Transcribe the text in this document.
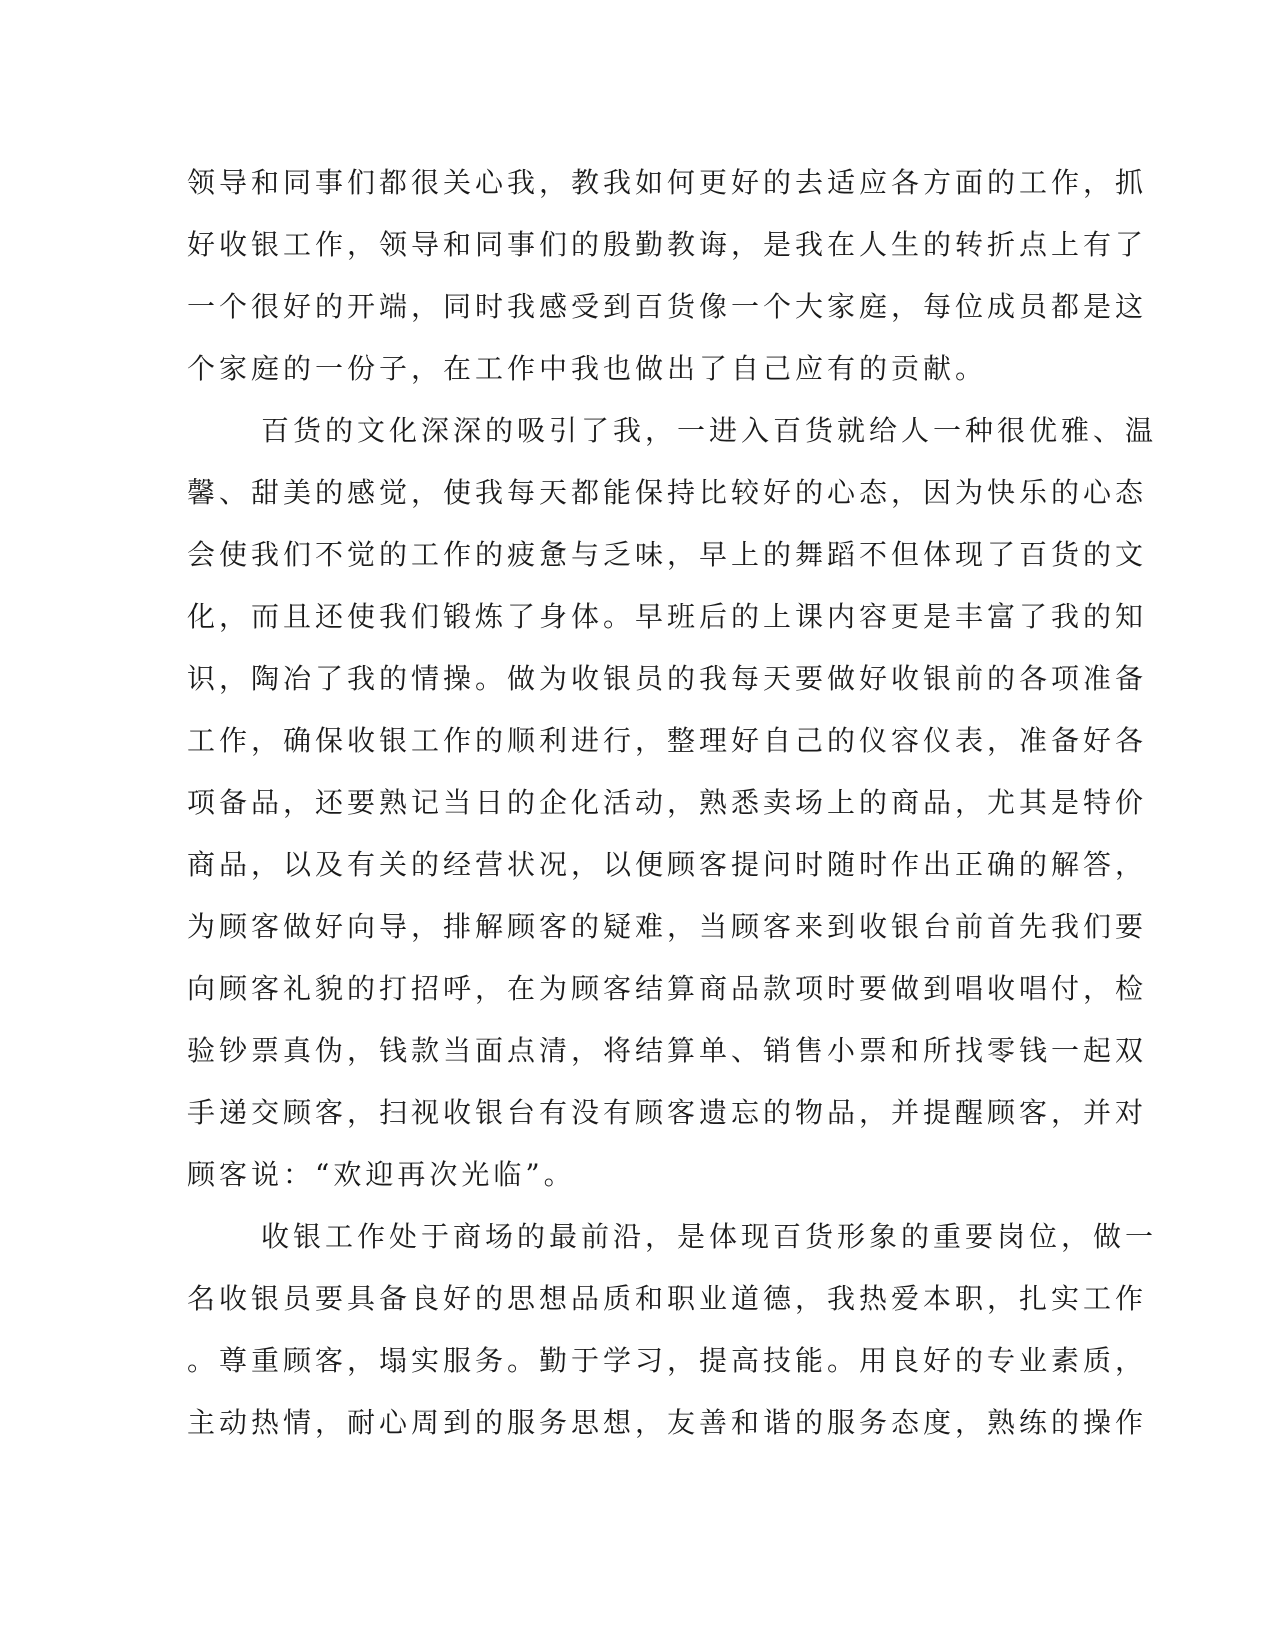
领导和同事们都很关心我，教我如何更好的去适应各方面的工作，抓
好收银工作，领导和同事们的殷勤教诲，是我在人生的转折点上有了
一个很好的开端，同时我感受到百货像一个大家庭，每位成员都是这
个家庭的一份子，在工作中我也做出了自己应有的贡献。
百货的文化深深的吸引了我，一进入百货就给人一种很优雅、温
馨、甜美的感觉，使我每天都能保持比较好的心态，因为快乐的心态
会使我们不觉的工作的疲惫与乏味，早上的舞蹈不但体现了百货的文
化，而且还使我们锻炼了身体。早班后的上课内容更是丰富了我的知
识，陶冶了我的情操。做为收银员的我每天要做好收银前的各项准备
工作，确保收银工作的顺利进行，整理好自己的仪容仪表，准备好各
项备品，还要熟记当日的企化活动，熟悉卖场上的商品，尤其是特价
商品，以及有关的经营状况，以便顾客提问时随时作出正确的解答，
为顾客做好向导，排解顾客的疑难，当顾客来到收银台前首先我们要
向顾客礼貌的打招呼，在为顾客结算商品款项时要做到唱收唱付，检
验钞票真伪，钱款当面点清，将结算单、销售小票和所找零钱一起双
手递交顾客，扫视收银台有没有顾客遗忘的物品，并提醒顾客，并对
顾客说：“欢迎再次光临”。
收银工作处于商场的最前沿，是体现百货形象的重要岗位，做一
名收银员要具备良好的思想品质和职业道德，我热爱本职，扎实工作
。尊重顾客，塌实服务。勤于学习，提高技能。用良好的专业素质，
主动热情，耐心周到的服务思想，友善和谐的服务态度，熟练的操作
